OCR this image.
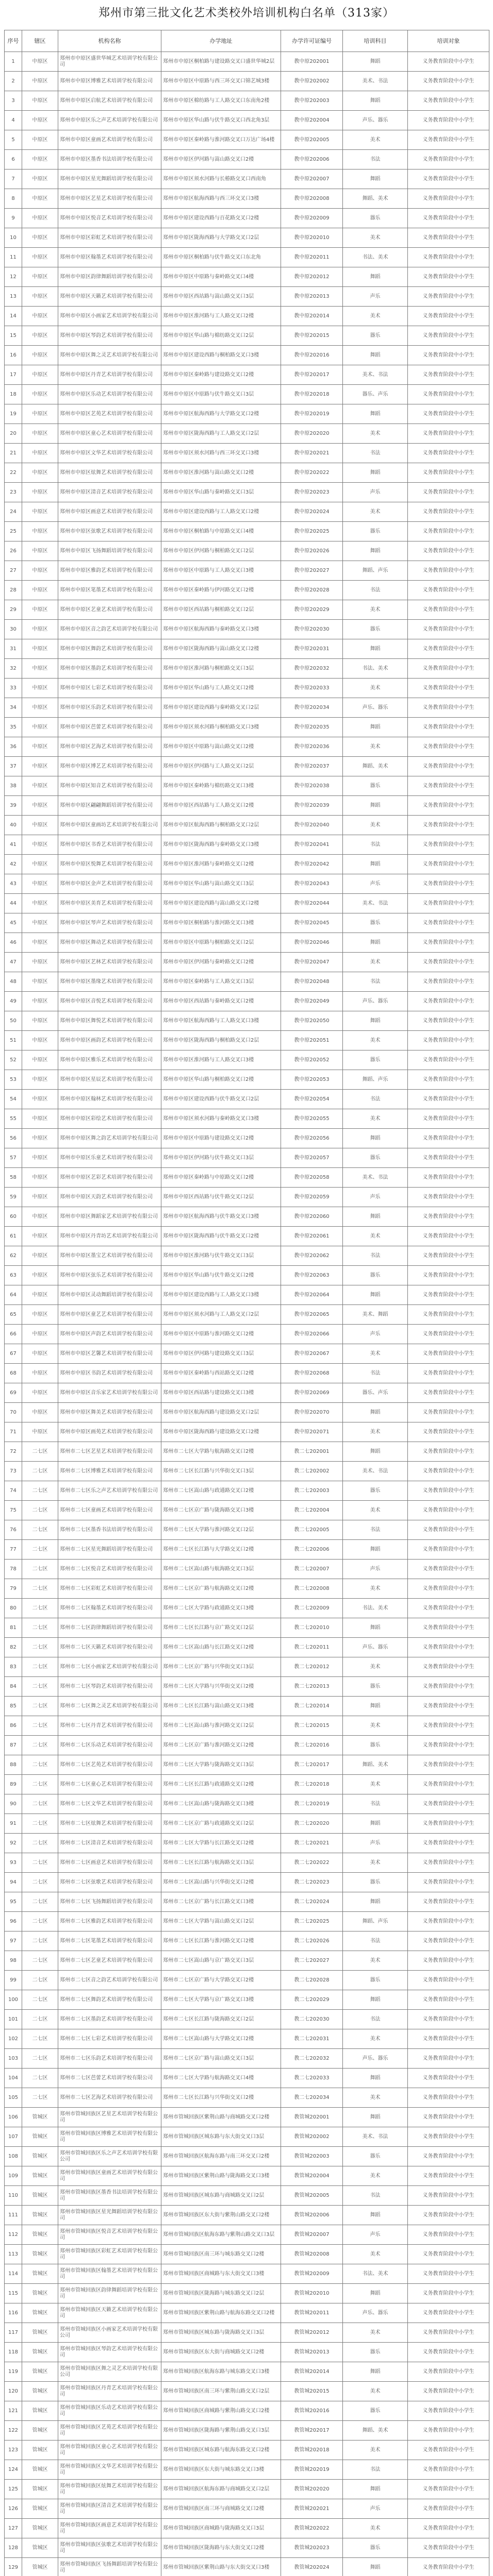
郑州市第三批文化艺术类校外培训机构白名单（313家）
序号	辖区	机构名称	办学地址	办学许可证编号	培训科目	培训对象
1	中原区	郑州市中原区盛世华城艺术培训学校有限公司	郑州市中原区桐柏路与建设路交叉口盛世华城2层	教中原202001	舞蹈	义务教育阶段中小学生
2	中原区	郑州市中原区博雅艺术培训学校有限公司	郑州市中原区中原路与西三环交叉口锦艺城3楼	教中原202002	美术、书法	义务教育阶段中小学生
3	中原区	郑州市中原区启航艺术培训学校有限公司	郑州市中原区棉纺路与工人路交叉口东南角2楼	教中原202003	舞蹈	义务教育阶段中小学生
4	中原区	郑州市中原区乐之声艺术培训学校有限公司	郑州市中原区华山路与伏牛路交叉口西北角3层	教中原202004	声乐、器乐	义务教育阶段中小学生
5	中原区	郑州市中原区童画艺术培训学校有限公司	郑州市中原区秦岭路与淮河路交叉口万达广场4楼	教中原202005	美术	义务教育阶段中小学生
6	中原区	郑州市中原区墨香书法培训学校有限公司	郑州市中原区伊河路与嵩山路交叉口2楼	教中原202006	书法	义务教育阶段中小学生
7	中原区	郑州市中原区星光舞蹈培训学校有限公司	郑州市中原区须水河路与长椿路交叉口西南角	教中原202007	舞蹈	义务教育阶段中小学生
8	中原区	郑州市中原区艺星艺术培训学校有限公司	郑州市中原区航海西路与西三环交叉口3楼	教中原202008	舞蹈、美术	义务教育阶段中小学生
9	中原区	郑州市中原区悦音艺术培训学校有限公司	郑州市中原区建设西路与百花路交叉口2楼	教中原202009	器乐	义务教育阶段中小学生
10	中原区	郑州市中原区彩虹艺术培训学校有限公司	郑州市中原区陇海西路与大学路交叉口2层	教中原202010	美术	义务教育阶段中小学生
11	中原区	郑州市中原区翰墨艺术培训学校有限公司	郑州市中原区桐柏路与伏牛路交叉口东北角	教中原202011	书法、美术	义务教育阶段中小学生
12	中原区	郑州市中原区韵律舞蹈培训学校有限公司	郑州市中原区中原路与秦岭路交叉口4楼	教中原202012	舞蹈	义务教育阶段中小学生
13	中原区	郑州市中原区天籁艺术培训学校有限公司	郑州市中原区西站路与嵩山路交叉口3层	教中原202013	声乐	义务教育阶段中小学生
14	中原区	郑州市中原区小画家艺术培训学校有限公司	郑州市中原区淮河路与工人路交叉口2楼	教中原202014	美术	义务教育阶段中小学生
15	中原区	郑州市中原区琴韵艺术培训学校有限公司	郑州市中原区华山路与棉纺路交叉口2层	教中原202015	器乐	义务教育阶段中小学生
16	中原区	郑州市中原区舞之灵艺术培训学校有限公司	郑州市中原区建设西路与桐柏路交叉口3楼	教中原202016	舞蹈	义务教育阶段中小学生
17	中原区	郑州市中原区丹青艺术培训学校有限公司	郑州市中原区秦岭路与建设路交叉口2楼	教中原202017	美术、书法	义务教育阶段中小学生
18	中原区	郑州市中原区乐动艺术培训学校有限公司	郑州市中原区中原路与伏牛路交叉口3层	教中原202018	器乐、声乐	义务教育阶段中小学生
19	中原区	郑州市中原区艺苑艺术培训学校有限公司	郑州市中原区航海西路与大学路交叉口2楼	教中原202019	舞蹈	义务教育阶段中小学生
20	中原区	郑州市中原区童心艺术培训学校有限公司	郑州市中原区陇海西路与工人路交叉口2层	教中原202020	美术	义务教育阶段中小学生
21	中原区	郑州市中原区文华艺术培训学校有限公司	郑州市中原区须水河路与西三环交叉口3楼	教中原202021	书法	义务教育阶段中小学生
22	中原区	郑州市中原区炫舞艺术培训学校有限公司	郑州市中原区淮河路与嵩山路交叉口2楼	教中原202022	舞蹈	义务教育阶段中小学生
23	中原区	郑州市中原区清音艺术培训学校有限公司	郑州市中原区华山路与秦岭路交叉口3层	教中原202023	声乐	义务教育阶段中小学生
24	中原区	郑州市中原区画意艺术培训学校有限公司	郑州市中原区建设西路与工人路交叉口2楼	教中原202024	美术	义务教育阶段中小学生
25	中原区	郑州市中原区弦歌艺术培训学校有限公司	郑州市中原区桐柏路与中原路交叉口4楼	教中原202025	器乐	义务教育阶段中小学生
26	中原区	郑州市中原区飞扬舞蹈培训学校有限公司	郑州市中原区伊河路与桐柏路交叉口2层	教中原202026	舞蹈	义务教育阶段中小学生
27	中原区	郑州市中原区雅韵艺术培训学校有限公司	郑州市中原区中原路与工人路交叉口3楼	教中原202027	舞蹈、声乐	义务教育阶段中小学生
28	中原区	郑州市中原区笔墨艺术培训学校有限公司	郑州市中原区秦岭路与伊河路交叉口2楼	教中原202028	书法	义务教育阶段中小学生
29	中原区	郑州市中原区艺童艺术培训学校有限公司	郑州市中原区西站路与桐柏路交叉口2层	教中原202029	美术	义务教育阶段中小学生
30	中原区	郑州市中原区音之韵艺术培训学校有限公司	郑州市中原区航海西路与秦岭路交叉口3楼	教中原202030	器乐	义务教育阶段中小学生
31	中原区	郑州市中原区舞韵艺术培训学校有限公司	郑州市中原区陇海西路与嵩山路交叉口2楼	教中原202031	舞蹈	义务教育阶段中小学生
32	中原区	郑州市中原区墨韵艺术培训学校有限公司	郑州市中原区淮河路与桐柏路交叉口3层	教中原202032	书法、美术	义务教育阶段中小学生
33	中原区	郑州市中原区七彩艺术培训学校有限公司	郑州市中原区华山路与工人路交叉口2楼	教中原202033	美术	义务教育阶段中小学生
34	中原区	郑州市中原区乐韵艺术培训学校有限公司	郑州市中原区建设西路与秦岭路交叉口2层	教中原202034	声乐、器乐	义务教育阶段中小学生
35	中原区	郑州市中原区芭蕾艺术培训学校有限公司	郑州市中原区须水河路与桐柏路交叉口3楼	教中原202035	舞蹈	义务教育阶段中小学生
36	中原区	郑州市中原区艺海艺术培训学校有限公司	郑州市中原区中原路与嵩山路交叉口2楼	教中原202036	美术	义务教育阶段中小学生
37	中原区	郑州市中原区博艺艺术培训学校有限公司	郑州市中原区伊河路与工人路交叉口2层	教中原202037	舞蹈、美术	义务教育阶段中小学生
38	中原区	郑州市中原区知音艺术培训学校有限公司	郑州市中原区秦岭路与棉纺路交叉口3楼	教中原202038	器乐	义务教育阶段中小学生
39	中原区	郑州市中原区翩翩舞蹈培训学校有限公司	郑州市中原区西站路与工人路交叉口2楼	教中原202039	舞蹈	义务教育阶段中小学生
40	中原区	郑州市中原区童画坊艺术培训学校有限公司	郑州市中原区航海西路与桐柏路交叉口2层	教中原202040	美术	义务教育阶段中小学生
41	中原区	郑州市中原区书香艺术培训学校有限公司	郑州市中原区陇海西路与秦岭路交叉口3楼	教中原202041	书法	义务教育阶段中小学生
42	中原区	郑州市中原区悦舞艺术培训学校有限公司	郑州市中原区淮河路与秦岭路交叉口2楼	教中原202042	舞蹈	义务教育阶段中小学生
43	中原区	郑州市中原区金声艺术培训学校有限公司	郑州市中原区华山路与嵩山路交叉口3层	教中原202043	声乐	义务教育阶段中小学生
44	中原区	郑州市中原区美育艺术培训学校有限公司	郑州市中原区建设西路与嵩山路交叉口2楼	教中原202044	美术、书法	义务教育阶段中小学生
45	中原区	郑州市中原区琴声艺术培训学校有限公司	郑州市中原区桐柏路与淮河路交叉口3楼	教中原202045	器乐	义务教育阶段中小学生
46	中原区	郑州市中原区舞动艺术培训学校有限公司	郑州市中原区中原路与桐柏路交叉口2层	教中原202046	舞蹈	义务教育阶段中小学生
47	中原区	郑州市中原区艺林艺术培训学校有限公司	郑州市中原区伊河路与秦岭路交叉口2楼	教中原202047	美术	义务教育阶段中小学生
48	中原区	郑州市中原区墨缘艺术培训学校有限公司	郑州市中原区秦岭路与工人路交叉口3层	教中原202048	书法	义务教育阶段中小学生
49	中原区	郑州市中原区音悦艺术培训学校有限公司	郑州市中原区西站路与秦岭路交叉口2楼	教中原202049	声乐、器乐	义务教育阶段中小学生
50	中原区	郑州市中原区舞悦艺术培训学校有限公司	郑州市中原区航海西路与工人路交叉口3楼	教中原202050	舞蹈	义务教育阶段中小学生
51	中原区	郑州市中原区画韵艺术培训学校有限公司	郑州市中原区陇海西路与桐柏路交叉口2层	教中原202051	美术	义务教育阶段中小学生
52	中原区	郑州市中原区雅乐艺术培训学校有限公司	郑州市中原区淮河路与工人路交叉口3楼	教中原202052	器乐	义务教育阶段中小学生
53	中原区	郑州市中原区星辰艺术培训学校有限公司	郑州市中原区华山路与桐柏路交叉口2楼	教中原202053	舞蹈、声乐	义务教育阶段中小学生
54	中原区	郑州市中原区翰林艺术培训学校有限公司	郑州市中原区建设西路与伏牛路交叉口2层	教中原202054	书法	义务教育阶段中小学生
55	中原区	郑州市中原区彩绘艺术培训学校有限公司	郑州市中原区须水河路与秦岭路交叉口3楼	教中原202055	美术	义务教育阶段中小学生
56	中原区	郑州市中原区舞之韵艺术培训学校有限公司	郑州市中原区中原路与建设路交叉口2楼	教中原202056	舞蹈	义务教育阶段中小学生
57	中原区	郑州市中原区乐童艺术培训学校有限公司	郑州市中原区伊河路与伏牛路交叉口3层	教中原202057	器乐	义务教育阶段中小学生
58	中原区	郑州市中原区艺彩艺术培训学校有限公司	郑州市中原区秦岭路与中原路交叉口2楼	教中原202058	美术、书法	义务教育阶段中小学生
59	中原区	郑州市中原区天韵艺术培训学校有限公司	郑州市中原区西站路与伏牛路交叉口2层	教中原202059	声乐	义务教育阶段中小学生
60	中原区	郑州市中原区舞蹈家艺术培训学校有限公司	郑州市中原区航海西路与伏牛路交叉口3楼	教中原202060	舞蹈	义务教育阶段中小学生
61	中原区	郑州市中原区丹青坊艺术培训学校有限公司	郑州市中原区陇海西路与伏牛路交叉口2楼	教中原202061	美术	义务教育阶段中小学生
62	中原区	郑州市中原区墨宝艺术培训学校有限公司	郑州市中原区淮河路与伏牛路交叉口3层	教中原202062	书法	义务教育阶段中小学生
63	中原区	郑州市中原区弦乐艺术培训学校有限公司	郑州市中原区华山路与伏牛路交叉口2楼	教中原202063	器乐	义务教育阶段中小学生
64	中原区	郑州市中原区灵动舞蹈培训学校有限公司	郑州市中原区建设西路与工人路交叉口3楼	教中原202064	舞蹈	义务教育阶段中小学生
65	中原区	郑州市中原区童艺艺术培训学校有限公司	郑州市中原区须水河路与工人路交叉口2层	教中原202065	美术、舞蹈	义务教育阶段中小学生
66	中原区	郑州市中原区声韵艺术培训学校有限公司	郑州市中原区中原路与淮河路交叉口2楼	教中原202066	声乐	义务教育阶段中小学生
67	中原区	郑州市中原区艺馨艺术培训学校有限公司	郑州市中原区伊河路与建设路交叉口3层	教中原202067	美术	义务教育阶段中小学生
68	中原区	郑州市中原区书韵艺术培训学校有限公司	郑州市中原区秦岭路与西站路交叉口2楼	教中原202068	书法	义务教育阶段中小学生
69	中原区	郑州市中原区音乐家艺术培训学校有限公司	郑州市中原区西站路与建设路交叉口3楼	教中原202069	器乐、声乐	义务教育阶段中小学生
70	中原区	郑州市中原区舞美艺术培训学校有限公司	郑州市中原区航海西路与建设路交叉口2层	教中原202070	舞蹈	义务教育阶段中小学生
71	中原区	郑州市中原区画苑艺术培训学校有限公司	郑州市中原区陇海西路与建设路交叉口2楼	教中原202071	美术	义务教育阶段中小学生
72	二七区	郑州市二七区艺星艺术培训学校有限公司	郑州市二七区大学路与航海路交叉口2楼	教二七202001	舞蹈	义务教育阶段中小学生
73	二七区	郑州市二七区博雅艺术培训学校有限公司	郑州市二七区长江路与兴华街交叉口3层	教二七202002	美术、书法	义务教育阶段中小学生
74	二七区	郑州市二七区乐之声艺术培训学校有限公司	郑州市二七区嵩山路与政通路交叉口2楼	教二七202003	器乐	义务教育阶段中小学生
75	二七区	郑州市二七区童画艺术培训学校有限公司	郑州市二七区京广路与陇海路交叉口3楼	教二七202004	美术	义务教育阶段中小学生
76	二七区	郑州市二七区墨香书法培训学校有限公司	郑州市二七区大学路与淮河路交叉口2层	教二七202005	书法	义务教育阶段中小学生
77	二七区	郑州市二七区星光舞蹈培训学校有限公司	郑州市二七区长江路与大学路交叉口2楼	教二七202006	舞蹈	义务教育阶段中小学生
78	二七区	郑州市二七区悦音艺术培训学校有限公司	郑州市二七区嵩山路与航海路交叉口3层	教二七202007	声乐	义务教育阶段中小学生
79	二七区	郑州市二七区彩虹艺术培训学校有限公司	郑州市二七区京广路与航海路交叉口2楼	教二七202008	美术	义务教育阶段中小学生
80	二七区	郑州市二七区翰墨艺术培训学校有限公司	郑州市二七区大学路与政通路交叉口3楼	教二七202009	书法、美术	义务教育阶段中小学生
81	二七区	郑州市二七区韵律舞蹈培训学校有限公司	郑州市二七区长江路与京广路交叉口2层	教二七202010	舞蹈	义务教育阶段中小学生
82	二七区	郑州市二七区天籁艺术培训学校有限公司	郑州市二七区嵩山路与长江路交叉口2楼	教二七202011	声乐、器乐	义务教育阶段中小学生
83	二七区	郑州市二七区小画家艺术培训学校有限公司	郑州市二七区京广路与兴华街交叉口3层	教二七202012	美术	义务教育阶段中小学生
84	二七区	郑州市二七区琴韵艺术培训学校有限公司	郑州市二七区大学路与兴华街交叉口2楼	教二七202013	器乐	义务教育阶段中小学生
85	二七区	郑州市二七区舞之灵艺术培训学校有限公司	郑州市二七区长江路与嵩山路交叉口3楼	教二七202014	舞蹈	义务教育阶段中小学生
86	二七区	郑州市二七区丹青艺术培训学校有限公司	郑州市二七区嵩山路与淮河路交叉口2层	教二七202015	美术	义务教育阶段中小学生
87	二七区	郑州市二七区乐动艺术培训学校有限公司	郑州市二七区京广路与淮河路交叉口2楼	教二七202016	器乐	义务教育阶段中小学生
88	二七区	郑州市二七区艺苑艺术培训学校有限公司	郑州市二七区大学路与陇海路交叉口3层	教二七202017	舞蹈、美术	义务教育阶段中小学生
89	二七区	郑州市二七区童心艺术培训学校有限公司	郑州市二七区长江路与政通路交叉口2楼	教二七202018	美术	义务教育阶段中小学生
90	二七区	郑州市二七区文华艺术培训学校有限公司	郑州市二七区嵩山路与陇海路交叉口3楼	教二七202019	书法	义务教育阶段中小学生
91	二七区	郑州市二七区炫舞艺术培训学校有限公司	郑州市二七区京广路与政通路交叉口2层	教二七202020	舞蹈	义务教育阶段中小学生
92	二七区	郑州市二七区清音艺术培训学校有限公司	郑州市二七区大学路与长江路交叉口2楼	教二七202021	声乐	义务教育阶段中小学生
93	二七区	郑州市二七区画意艺术培训学校有限公司	郑州市二七区长江路与航海路交叉口3层	教二七202022	美术	义务教育阶段中小学生
94	二七区	郑州市二七区弦歌艺术培训学校有限公司	郑州市二七区嵩山路与兴华街交叉口2楼	教二七202023	器乐	义务教育阶段中小学生
95	二七区	郑州市二七区飞扬舞蹈培训学校有限公司	郑州市二七区京广路与长江路交叉口3楼	教二七202024	舞蹈	义务教育阶段中小学生
96	二七区	郑州市二七区雅韵艺术培训学校有限公司	郑州市二七区大学路与嵩山路交叉口2层	教二七202025	舞蹈、声乐	义务教育阶段中小学生
97	二七区	郑州市二七区笔墨艺术培训学校有限公司	郑州市二七区长江路与淮河路交叉口2楼	教二七202026	书法	义务教育阶段中小学生
98	二七区	郑州市二七区艺童艺术培训学校有限公司	郑州市二七区嵩山路与京广路交叉口3层	教二七202027	美术	义务教育阶段中小学生
99	二七区	郑州市二七区音之韵艺术培训学校有限公司	郑州市二七区京广路与大学路交叉口2楼	教二七202028	器乐	义务教育阶段中小学生
100	二七区	郑州市二七区舞韵艺术培训学校有限公司	郑州市二七区大学路与京广路交叉口3楼	教二七202029	舞蹈	义务教育阶段中小学生
101	二七区	郑州市二七区墨韵艺术培训学校有限公司	郑州市二七区长江路与陇海路交叉口2层	教二七202030	书法	义务教育阶段中小学生
102	二七区	郑州市二七区七彩艺术培训学校有限公司	郑州市二七区嵩山路与大学路交叉口2楼	教二七202031	美术	义务教育阶段中小学生
103	二七区	郑州市二七区乐韵艺术培训学校有限公司	郑州市二七区京广路与嵩山路交叉口3层	教二七202032	声乐、器乐	义务教育阶段中小学生
104	二七区	郑州市二七区芭蕾艺术培训学校有限公司	郑州市二七区大学路与航海路交叉口4楼	教二七202033	舞蹈	义务教育阶段中小学生
105	二七区	郑州市二七区艺海艺术培训学校有限公司	郑州市二七区长江路与兴华街交叉口2楼	教二七202034	美术	义务教育阶段中小学生
106	管城区	郑州市管城回族区艺星艺术培训学校有限公司	郑州市管城回族区紫荆山路与商城路交叉口2楼	教管城202001	舞蹈	义务教育阶段中小学生
107	管城区	郑州市管城回族区博雅艺术培训学校有限公司	郑州市管城回族区城东路与东大街交叉口3层	教管城202002	美术、书法	义务教育阶段中小学生
108	管城区	郑州市管城回族区乐之声艺术培训学校有限公司	郑州市管城回族区航海东路与南三环交叉口2楼	教管城202003	器乐	义务教育阶段中小学生
109	管城区	郑州市管城回族区童画艺术培训学校有限公司	郑州市管城回族区紫荆山路与陇海路交叉口3楼	教管城202004	美术	义务教育阶段中小学生
110	管城区	郑州市管城回族区墨香书法培训学校有限公司	郑州市管城回族区城东路与商城路交叉口2层	教管城202005	书法	义务教育阶段中小学生
111	管城区	郑州市管城回族区星光舞蹈培训学校有限公司	郑州市管城回族区东大街与紫荆山路交叉口2楼	教管城202006	舞蹈	义务教育阶段中小学生
112	管城区	郑州市管城回族区悦音艺术培训学校有限公司	郑州市管城回族区航海东路与紫荆山路交叉口3层	教管城202007	声乐	义务教育阶段中小学生
113	管城区	郑州市管城回族区彩虹艺术培训学校有限公司	郑州市管城回族区南三环与城东路交叉口2楼	教管城202008	美术	义务教育阶段中小学生
114	管城区	郑州市管城回族区翰墨艺术培训学校有限公司	郑州市管城回族区商城路与东大街交叉口3楼	教管城202009	书法、美术	义务教育阶段中小学生
115	管城区	郑州市管城回族区韵律舞蹈培训学校有限公司	郑州市管城回族区陇海路与城东路交叉口2层	教管城202010	舞蹈	义务教育阶段中小学生
116	管城区	郑州市管城回族区天籁艺术培训学校有限公司	郑州市管城回族区紫荆山路与航海东路交叉口2楼	教管城202011	声乐、器乐	义务教育阶段中小学生
117	管城区	郑州市管城回族区小画家艺术培训学校有限公司	郑州市管城回族区城东路与陇海路交叉口3层	教管城202012	美术	义务教育阶段中小学生
118	管城区	郑州市管城回族区琴韵艺术培训学校有限公司	郑州市管城回族区东大街与商城路交叉口2楼	教管城202013	器乐	义务教育阶段中小学生
119	管城区	郑州市管城回族区舞之灵艺术培训学校有限公司	郑州市管城回族区航海东路与城东路交叉口3楼	教管城202014	舞蹈	义务教育阶段中小学生
120	管城区	郑州市管城回族区丹青艺术培训学校有限公司	郑州市管城回族区南三环与紫荆山路交叉口2层	教管城202015	美术	义务教育阶段中小学生
121	管城区	郑州市管城回族区乐动艺术培训学校有限公司	郑州市管城回族区商城路与紫荆山路交叉口2楼	教管城202016	器乐	义务教育阶段中小学生
122	管城区	郑州市管城回族区艺苑艺术培训学校有限公司	郑州市管城回族区陇海路与紫荆山路交叉口3层	教管城202017	舞蹈、美术	义务教育阶段中小学生
123	管城区	郑州市管城回族区童心艺术培训学校有限公司	郑州市管城回族区城东路与航海东路交叉口2楼	教管城202018	美术	义务教育阶段中小学生
124	管城区	郑州市管城回族区文华艺术培训学校有限公司	郑州市管城回族区东大街与城东路交叉口3楼	教管城202019	书法	义务教育阶段中小学生
125	管城区	郑州市管城回族区炫舞艺术培训学校有限公司	郑州市管城回族区航海东路与商城路交叉口2层	教管城202020	舞蹈	义务教育阶段中小学生
126	管城区	郑州市管城回族区清音艺术培训学校有限公司	郑州市管城回族区南三环与商城路交叉口2楼	教管城202021	声乐	义务教育阶段中小学生
127	管城区	郑州市管城回族区画意艺术培训学校有限公司	郑州市管城回族区商城路与陇海路交叉口3层	教管城202022	美术	义务教育阶段中小学生
128	管城区	郑州市管城回族区弦歌艺术培训学校有限公司	郑州市管城回族区陇海路与东大街交叉口2楼	教管城202023	器乐	义务教育阶段中小学生
129	管城区	郑州市管城回族区飞扬舞蹈培训学校有限公司	郑州市管城回族区紫荆山路与东大街交叉口3楼	教管城202024	舞蹈	义务教育阶段中小学生
